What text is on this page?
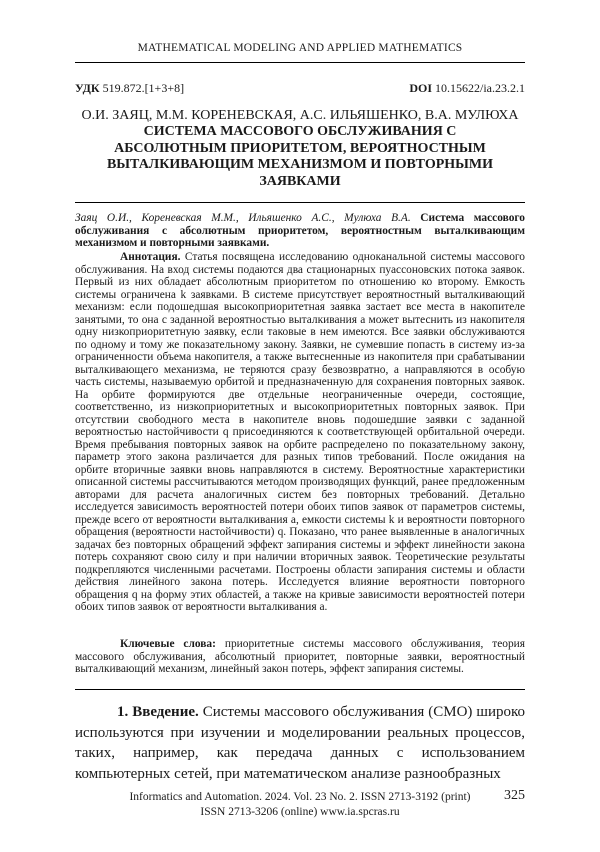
MATHEMATICAL MODELING AND APPLIED MATHEMATICS
УДК 519.872.[1+3+8]	DOI 10.15622/ia.23.2.1
О.И. ЗАЯЦ, М.М. КОРЕНЕВСКАЯ, А.С. ИЛЬЯШЕНКО, В.А. МУЛЮХА
СИСТЕМА МАССОВОГО ОБСЛУЖИВАНИЯ С АБСОЛЮТНЫМ ПРИОРИТЕТОМ, ВЕРОЯТНОСТНЫМ ВЫТАЛКИВАЮЩИМ МЕХАНИЗМОМ И ПОВТОРНЫМИ ЗАЯВКАМИ
Заяц О.И., Кореневская М.М., Ильяшенко А.С., Мулюха В.А. Система массового обслуживания с абсолютным приоритетом, вероятностным выталкивающим механизмом и повторными заявками.
Аннотация. Статья посвящена исследованию одноканальной системы массового обслуживания. На вход системы подаются два стационарных пуассоновских потока заявок. Первый из них обладает абсолютным приоритетом по отношению ко второму. Емкость системы ограничена k заявками. В системе присутствует вероятностный выталкивающий механизм: если подошедшая высокоприоритетная заявка застает все места в накопителе занятыми, то она с заданной вероятностью выталкивания a может вытеснить из накопителя одну низкоприоритетную заявку, если таковые в нем имеются. Все заявки обслуживаются по одному и тому же показательному закону. Заявки, не сумевшие попасть в систему из-за ограниченности объема накопителя, а также вытесненные из накопителя при срабатывании выталкивающего механизма, не теряются сразу безвозвратно, а направляются в особую часть системы, называемую орбитой и предназначенную для сохранения повторных заявок. На орбите формируются две отдельные неограниченные очереди, состоящие, соответственно, из низкоприоритетных и высокоприоритетных повторных заявок. При отсутствии свободного места в накопителе вновь подошедшие заявки с заданной вероятностью настойчивости q присоединяются к соответствующей орбитальной очереди. Время пребывания повторных заявок на орбите распределено по показательному закону, параметр этого закона различается для разных типов требований. После ожидания на орбите вторичные заявки вновь направляются в систему. Вероятностные характеристики описанной системы рассчитываются методом производящих функций, ранее предложенным авторами для расчета аналогичных систем без повторных требований. Детально исследуется зависимость вероятностей потери обоих типов заявок от параметров системы, прежде всего от вероятности выталкивания a, емкости системы k и вероятности повторного обращения (вероятности настойчивости) q. Показано, что ранее выявленные в аналогичных задачах без повторных обращений эффект запирания системы и эффект линейности закона потерь сохраняют свою силу и при наличии вторичных заявок. Теоретические результаты подкрепляются численными расчетами. Построены области запирания системы и области действия линейного закона потерь. Исследуется влияние вероятности повторного обращения q на форму этих областей, а также на кривые зависимости вероятностей потери обоих типов заявок от вероятности выталкивания a.
Ключевые слова: приоритетные системы массового обслуживания, теория массового обслуживания, абсолютный приоритет, повторные заявки, вероятностный выталкивающий механизм, линейный закон потерь, эффект запирания системы.
1. Введение. Системы массового обслуживания (СМО) широко используются при изучении и моделировании реальных процессов, таких, например, как передача данных с использованием компьютерных сетей, при математическом анализе разнообразных
Informatics and Automation. 2024. Vol. 23 No. 2. ISSN 2713-3192 (print)
ISSN 2713-3206 (online) www.ia.spcras.ru
325
